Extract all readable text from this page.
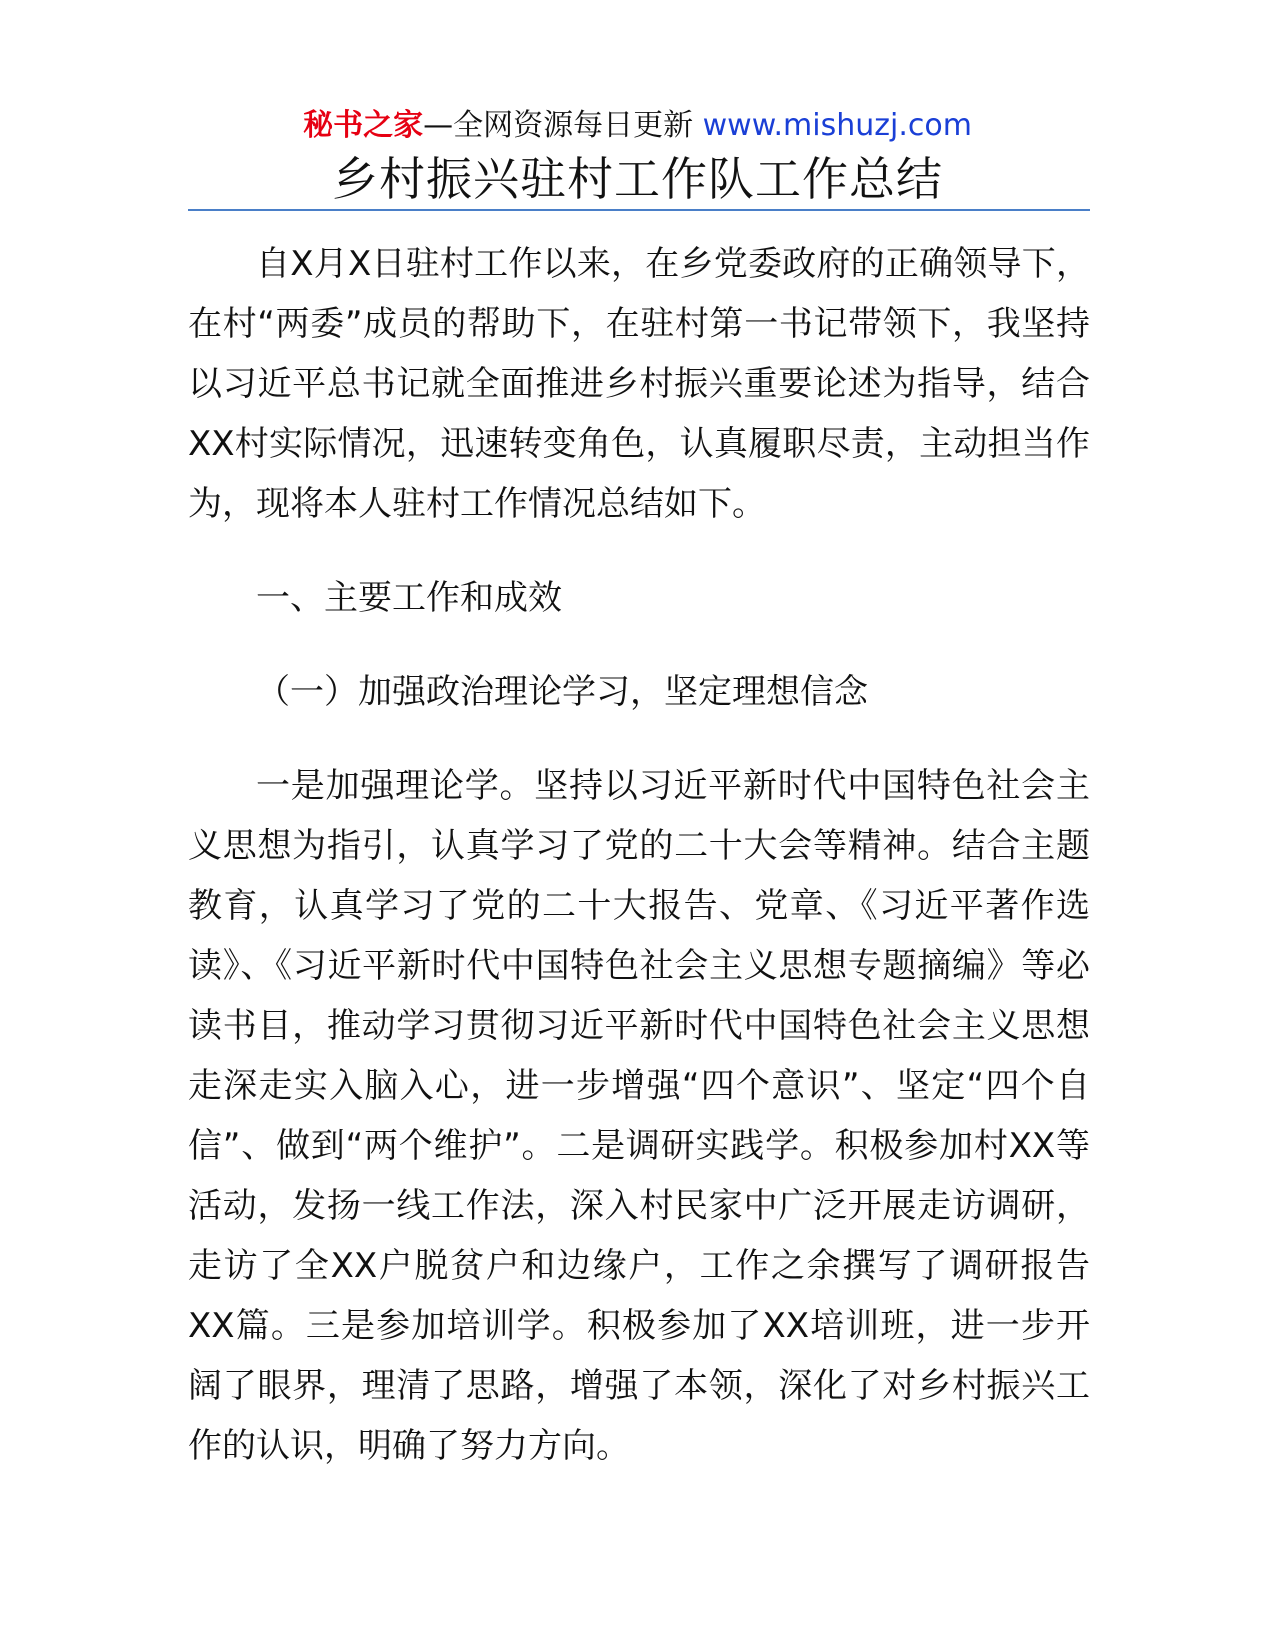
秘书之家—全网资源每日更新 www.mishuzj.com
乡村振兴驻村工作队工作总结

自X月X日驻村工作以来，在乡党委政府的正确领导下，在村“两委”成员的帮助下，在驻村第一书记带领下，我坚持以习近平总书记就全面推进乡村振兴重要论述为指导，结合XX村实际情况，迅速转变角色，认真履职尽责，主动担当作为，现将本人驻村工作情况总结如下。

一、主要工作和成效

（一）加强政治理论学习，坚定理想信念

一是加强理论学。坚持以习近平新时代中国特色社会主义思想为指引，认真学习了党的二十大会等精神。结合主题教育，认真学习了党的二十大报告、党章、《习近平著作选读》、《习近平新时代中国特色社会主义思想专题摘编》等必读书目，推动学习贯彻习近平新时代中国特色社会主义思想走深走实入脑入心，进一步增强“四个意识”、坚定“四个自信”、做到“两个维护”。二是调研实践学。积极参加村XX等活动，发扬一线工作法，深入村民家中广泛开展走访调研，走访了全XX户脱贫户和边缘户，工作之余撰写了调研报告XX篇。三是参加培训学。积极参加了XX培训班，进一步开阔了眼界，理清了思路，增强了本领，深化了对乡村振兴工作的认识，明确了努力方向。
